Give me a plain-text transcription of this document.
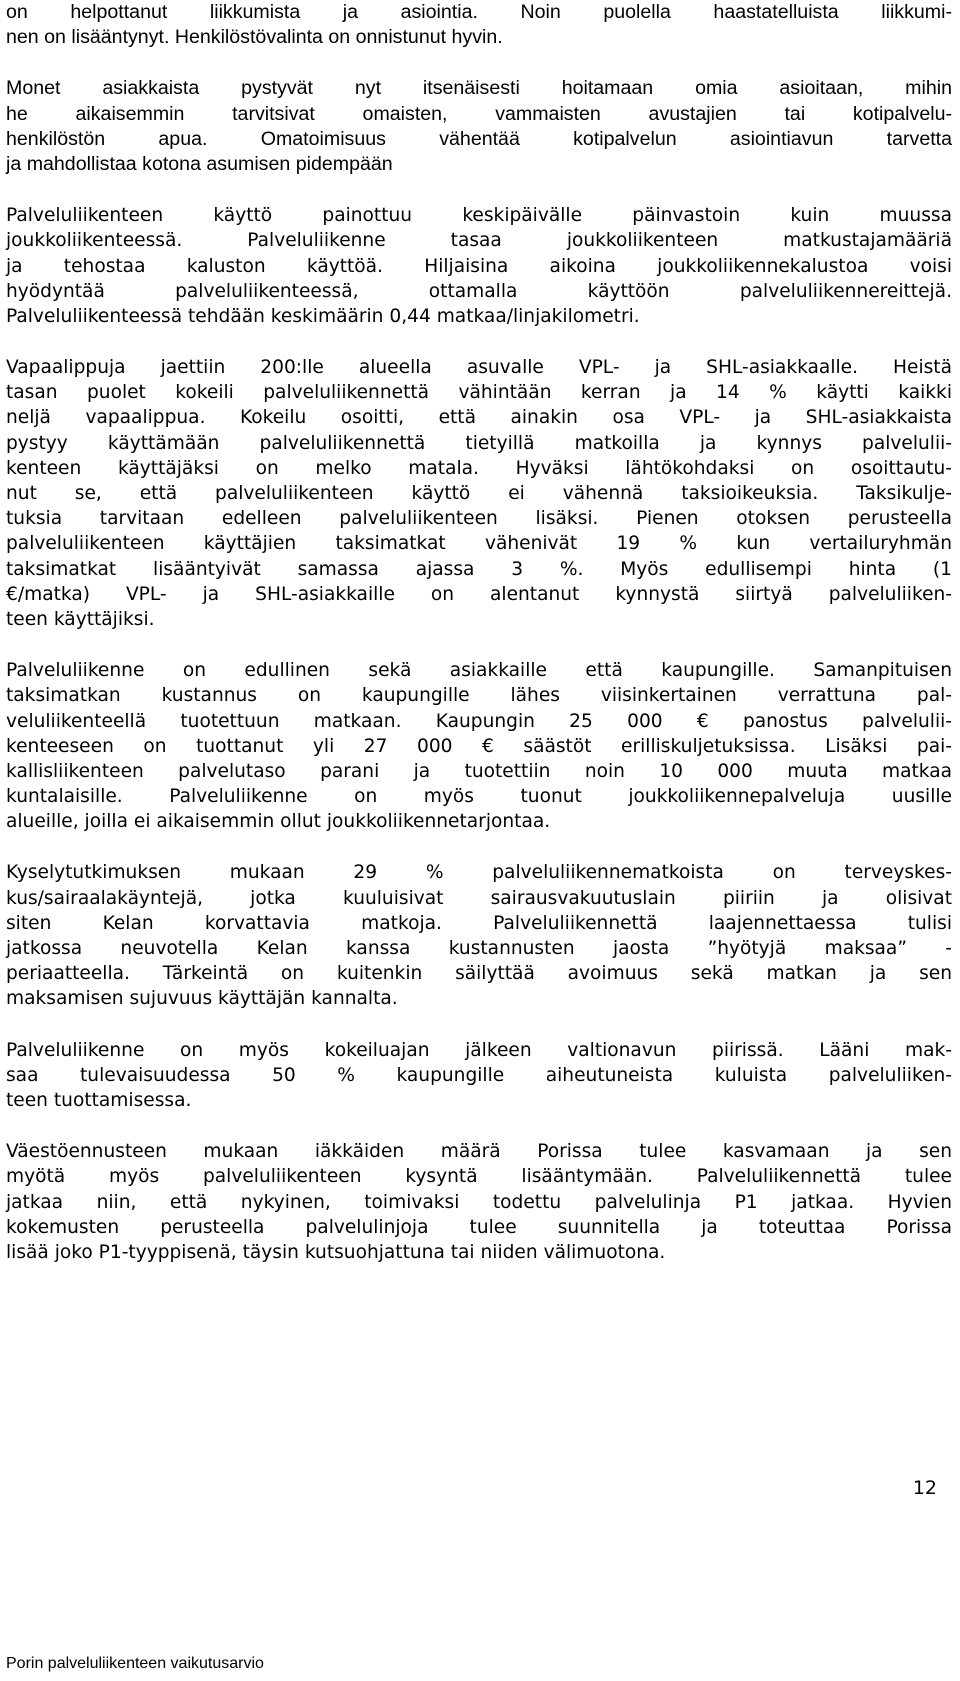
on helpottanut liikkumista ja asiointia. Noin puolella haastatelluista liikkumi-
nen on lisääntynyt. Henkilöstövalinta on onnistunut hyvin.
Monet asiakkaista pystyvät nyt itsenäisesti hoitamaan omia asioitaan, mihin
he aikaisemmin tarvitsivat omaisten, vammaisten avustajien tai kotipalvelu-
henkilöstön apua. Omatoimisuus vähentää kotipalvelun asiointiavun tarvetta
ja mahdollistaa kotona asumisen pidempään
Palveluliikenteen käyttö painottuu keskipäivälle päinvastoin kuin muussa
joukkoliikenteessä. Palveluliikenne tasaa joukkoliikenteen matkustajamääriä
ja tehostaa kaluston käyttöä. Hiljaisina aikoina joukkoliikennekalustoa voisi
hyödyntää palveluliikenteessä, ottamalla käyttöön palveluliikennereittejä.
Palveluliikenteessä tehdään keskimäärin 0,44 matkaa/linjakilometri.
Vapaalippuja jaettiin 200:lle alueella asuvalle VPL- ja SHL-asiakkaalle. Heistä
tasan puolet kokeili palveluliikennettä vähintään kerran ja 14 % käytti kaikki
neljä vapaalippua. Kokeilu osoitti, että ainakin osa VPL- ja SHL-asiakkaista
pystyy käyttämään palveluliikennettä tietyillä matkoilla ja kynnys palvelulii-
kenteen käyttäjäksi on melko matala. Hyväksi lähtökohdaksi on osoittautu-
nut se, että palveluliikenteen käyttö ei vähennä taksioikeuksia. Taksikulje-
tuksia tarvitaan edelleen palveluliikenteen lisäksi. Pienen otoksen perusteella
palveluliikenteen käyttäjien taksimatkat vähenivät 19 % kun vertailuryhmän
taksimatkat lisääntyivät samassa ajassa 3 %. Myös edullisempi hinta (1
€/matka) VPL- ja SHL-asiakkaille on alentanut kynnystä siirtyä palveluliiken-
teen käyttäjiksi.
Palveluliikenne on edullinen sekä asiakkaille että kaupungille. Samanpituisen
taksimatkan kustannus on kaupungille lähes viisinkertainen verrattuna pal-
veluliikenteellä tuotettuun matkaan. Kaupungin 25 000 € panostus palvelulii-
kenteeseen on tuottanut yli 27 000 € säästöt erilliskuljetuksissa. Lisäksi pai-
kallisliikenteen palvelutaso parani ja tuotettiin noin 10 000 muuta matkaa
kuntalaisille. Palveluliikenne on myös tuonut joukkoliikennepalveluja uusille
alueille, joilla ei aikaisemmin ollut joukkoliikennetarjontaa.
Kyselytutkimuksen mukaan 29 % palveluliikennematkoista on terveyskes-
kus/sairaalakäyntejä, jotka kuuluisivat sairausvakuutuslain piiriin ja olisivat
siten Kelan korvattavia matkoja. Palveluliikennettä laajennettaessa tulisi
jatkossa neuvotella Kelan kanssa kustannusten jaosta ”hyötyjä maksaa” -
periaatteella. Tärkeintä on kuitenkin säilyttää avoimuus sekä matkan ja sen
maksamisen sujuvuus käyttäjän kannalta.
Palveluliikenne on myös kokeiluajan jälkeen valtionavun piirissä. Lääni mak-
saa tulevaisuudessa 50 % kaupungille aiheutuneista kuluista palveluliiken-
teen tuottamisessa.
Väestöennusteen mukaan iäkkäiden määrä Porissa tulee kasvamaan ja sen
myötä myös palveluliikenteen kysyntä lisääntymään. Palveluliikennettä tulee
jatkaa niin, että nykyinen, toimivaksi todettu palvelulinja P1 jatkaa. Hyvien
kokemusten perusteella palvelulinjoja tulee suunnitella ja toteuttaa Porissa
lisää joko P1-tyyppisenä, täysin kutsuohjattuna tai niiden välimuotona.
12
Porin palveluliikenteen vaikutusarvio
